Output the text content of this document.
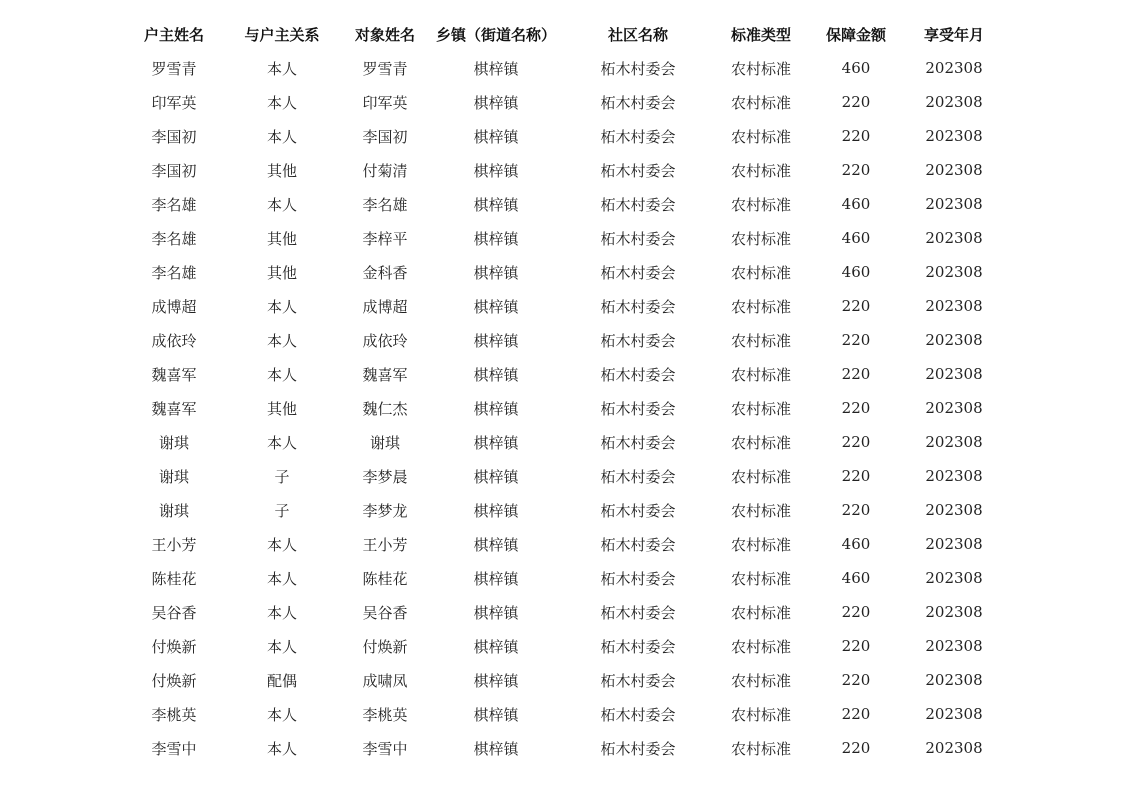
户主姓名	与户主关系	对象姓名	乡镇（街道名称）	社区名称	标准类型	保障金额	享受年月
罗雪青	本人	罗雪青	棋梓镇	柘木村委会	农村标准	460	202308
印军英	本人	印军英	棋梓镇	柘木村委会	农村标准	220	202308
李国初	本人	李国初	棋梓镇	柘木村委会	农村标准	220	202308
李国初	其他	付菊清	棋梓镇	柘木村委会	农村标准	220	202308
李名雄	本人	李名雄	棋梓镇	柘木村委会	农村标准	460	202308
李名雄	其他	李梓平	棋梓镇	柘木村委会	农村标准	460	202308
李名雄	其他	金科香	棋梓镇	柘木村委会	农村标准	460	202308
成博超	本人	成博超	棋梓镇	柘木村委会	农村标准	220	202308
成依玲	本人	成依玲	棋梓镇	柘木村委会	农村标准	220	202308
魏喜军	本人	魏喜军	棋梓镇	柘木村委会	农村标准	220	202308
魏喜军	其他	魏仁杰	棋梓镇	柘木村委会	农村标准	220	202308
谢琪	本人	谢琪	棋梓镇	柘木村委会	农村标准	220	202308
谢琪	子	李梦晨	棋梓镇	柘木村委会	农村标准	220	202308
谢琪	子	李梦龙	棋梓镇	柘木村委会	农村标准	220	202308
王小芳	本人	王小芳	棋梓镇	柘木村委会	农村标准	460	202308
陈桂花	本人	陈桂花	棋梓镇	柘木村委会	农村标准	460	202308
吴谷香	本人	吴谷香	棋梓镇	柘木村委会	农村标准	220	202308
付焕新	本人	付焕新	棋梓镇	柘木村委会	农村标准	220	202308
付焕新	配偶	成啸凤	棋梓镇	柘木村委会	农村标准	220	202308
李桃英	本人	李桃英	棋梓镇	柘木村委会	农村标准	220	202308
李雪中	本人	李雪中	棋梓镇	柘木村委会	农村标准	220	202308
